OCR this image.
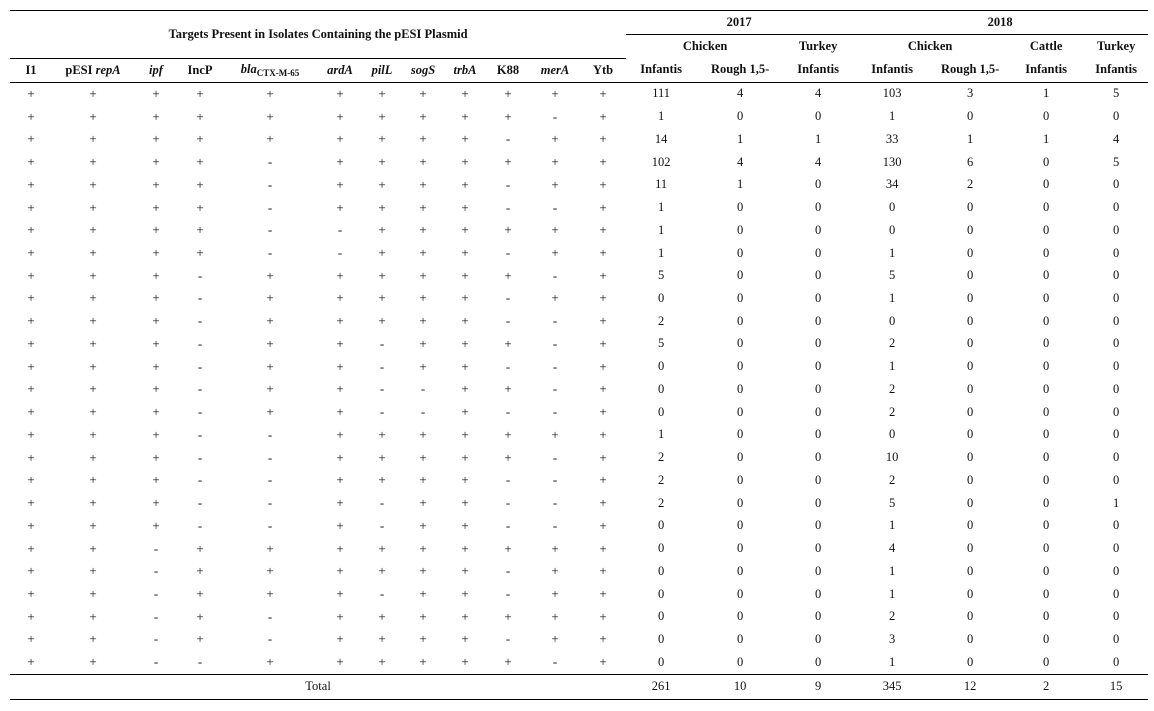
Targets Present in Isolates Containing the pESI Plasmid												2017			2018			
												Chicken		Turkey	Chicken		Cattle	Turkey
I1	pESI repA	ipf	IncP	bla$_{CTX-M-65}$	ardA	pilL	sogS	trbA	K88	merA	Ytb	Infantis	Rough 1,5-	Infantis	Infantis	Rough 1,5-	Infantis	Infantis
+	+	+	+	+	+	+	+	+	+	+	+	111	4	4	103	3	1	5
+	+	+	+	+	+	+	+	+	+	-	+	1	0	0	1	0	0	0
+	+	+	+	+	+	+	+	+	-	+	+	14	1	1	33	1	1	4
+	+	+	+	-	+	+	+	+	+	+	+	102	4	4	130	6	0	5
+	+	+	+	-	+	+	+	+	-	+	+	11	1	0	34	2	0	0
+	+	+	+	-	+	+	+	+	-	-	+	1	0	0	0	0	0	0
+	+	+	+	-	-	+	+	+	+	+	+	1	0	0	0	0	0	0
+	+	+	+	-	-	+	+	+	-	+	+	1	0	0	1	0	0	0
+	+	+	-	+	+	+	+	+	+	-	+	5	0	0	5	0	0	0
+	+	+	-	+	+	+	+	+	-	+	+	0	0	0	1	0	0	0
+	+	+	-	+	+	+	+	+	-	-	+	2	0	0	0	0	0	0
+	+	+	-	+	+	-	+	+	+	-	+	5	0	0	2	0	0	0
+	+	+	-	+	+	-	+	+	-	-	+	0	0	0	1	0	0	0
+	+	+	-	+	+	-	-	+	+	-	+	0	0	0	2	0	0	0
+	+	+	-	+	+	-	-	+	-	-	+	0	0	0	2	0	0	0
+	+	+	-	-	+	+	+	+	+	+	+	1	0	0	0	0	0	0
+	+	+	-	-	+	+	+	+	+	-	+	2	0	0	10	0	0	0
+	+	+	-	-	+	+	+	+	-	-	+	2	0	0	2	0	0	0
+	+	+	-	-	+	-	+	+	-	-	+	2	0	0	5	0	0	1
+	+	+	-	-	+	-	+	+	-	-	+	0	0	0	1	0	0	0
+	+	-	+	+	+	+	+	+	+	+	+	0	0	0	4	0	0	0
+	+	-	+	+	+	+	+	+	-	+	+	0	0	0	1	0	0	0
+	+	-	+	+	+	-	+	+	-	+	+	0	0	0	1	0	0	0
+	+	-	+	-	+	+	+	+	+	+	+	0	0	0	2	0	0	0
+	+	-	+	-	+	+	+	+	-	+	+	0	0	0	3	0	0	0
+	+	-	-	+	+	+	+	+	+	-	+	0	0	0	1	0	0	0
Total												261	10	9	345	12	2	15
